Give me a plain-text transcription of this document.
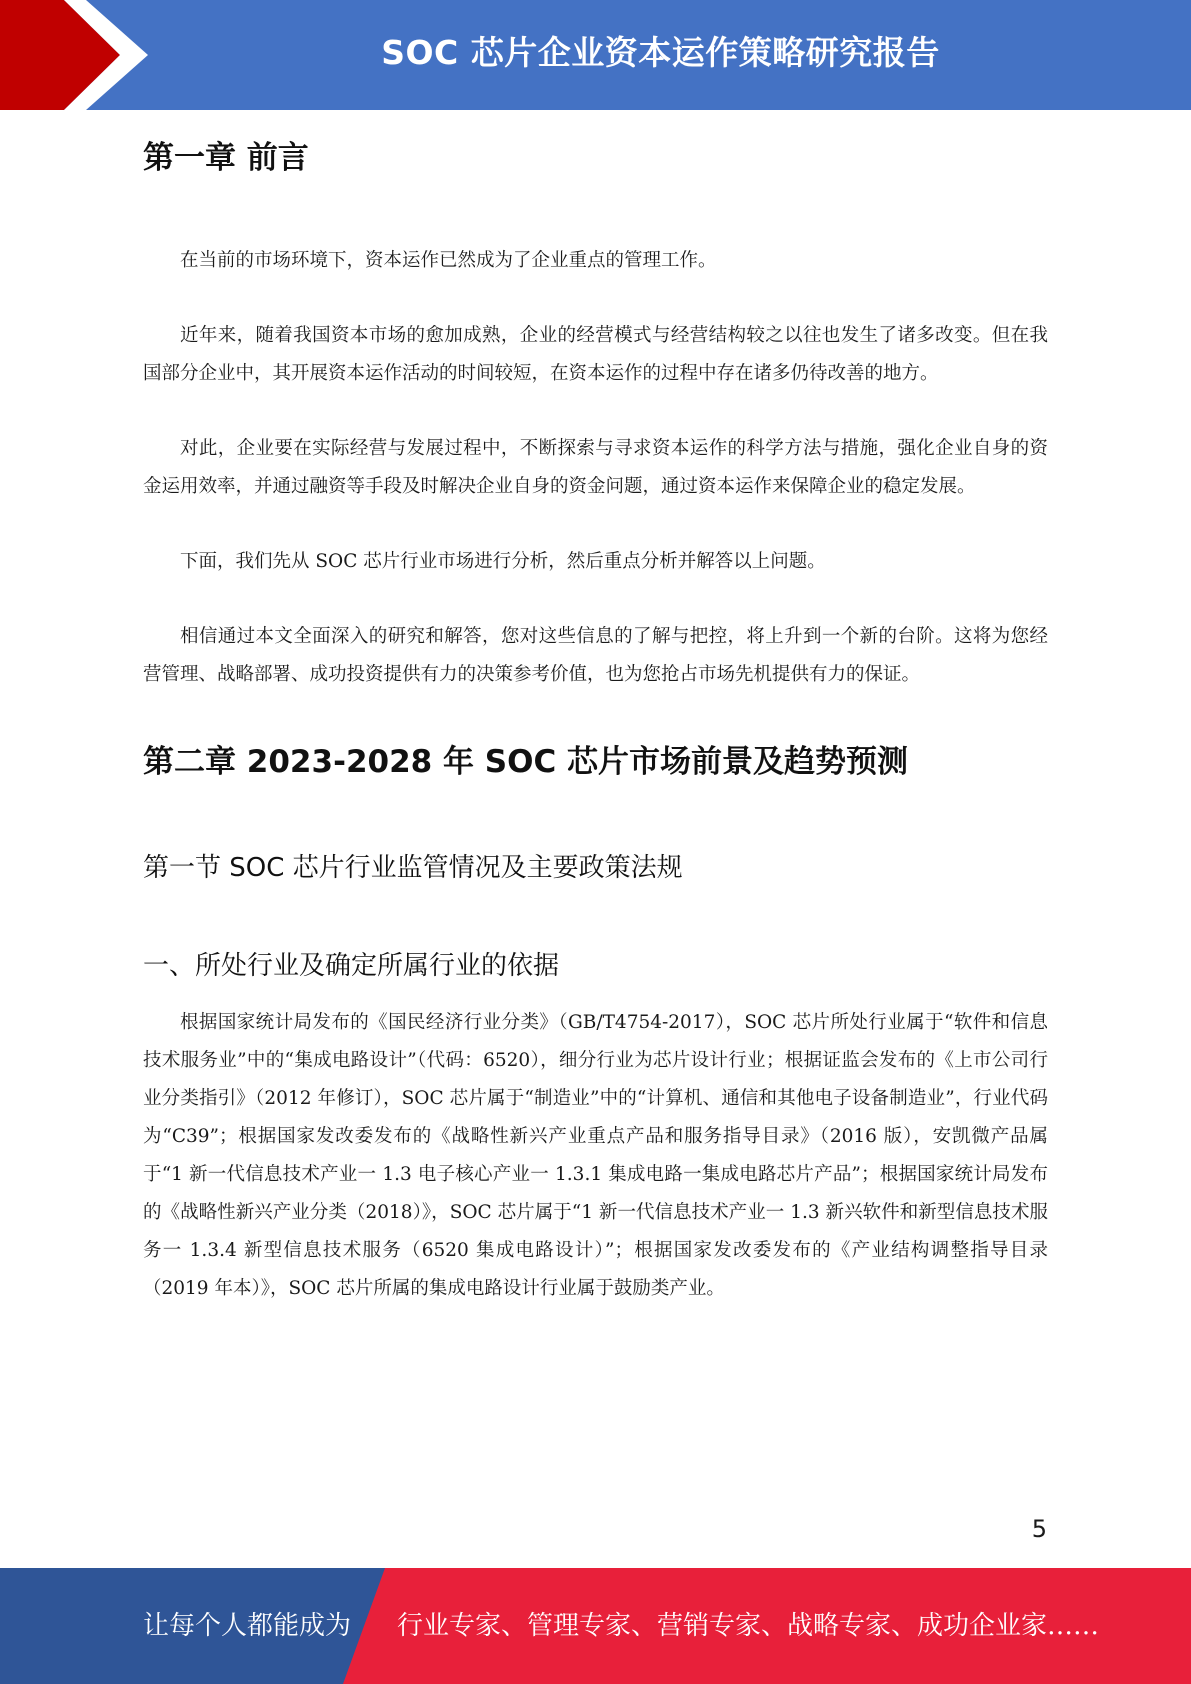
SOC 芯片企业资本运作策略研究报告
第一章 前言

在当前的市场环境下，资本运作已然成为了企业重点的管理工作。

近年来，随着我国资本市场的愈加成熟，企业的经营模式与经营结构较之以往也发生了诸多改变。但在我国部分企业中，其开展资本运作活动的时间较短，在资本运作的过程中存在诸多仍待改善的地方。

对此，企业要在实际经营与发展过程中，不断探索与寻求资本运作的科学方法与措施，强化企业自身的资金运用效率，并通过融资等手段及时解决企业自身的资金问题，通过资本运作来保障企业的稳定发展。

下面，我们先从 SOC 芯片行业市场进行分析，然后重点分析并解答以上问题。

相信通过本文全面深入的研究和解答，您对这些信息的了解与把控，将上升到一个新的台阶。这将为您经营管理、战略部署、成功投资提供有力的决策参考价值，也为您抢占市场先机提供有力的保证。

第二章 2023-2028 年 SOC 芯片市场前景及趋势预测
第一节 SOC 芯片行业监管情况及主要政策法规
一、所处行业及确定所属行业的依据

根据国家统计局发布的《国民经济行业分类》（GB/T4754-2017），SOC 芯片所处行业属于“软件和信息技术服务业”中的“集成电路设计”（代码：6520），细分行业为芯片设计行业；根据证监会发布的《上市公司行业分类指引》（2012 年修订），SOC 芯片属于“制造业”中的“计算机、通信和其他电子设备制造业”，行业代码为“C39”；根据国家发改委发布的《战略性新兴产业重点产品和服务指导目录》（2016 版），安凯微产品属于“1 新一代信息技术产业一 1.3 电子核心产业一 1.3.1 集成电路一集成电路芯片产品”；根据国家统计局发布的《战略性新兴产业分类（2018）》，SOC 芯片属于“1 新一代信息技术产业一 1.3 新兴软件和新型信息技术服务一 1.3.4 新型信息技术服务（6520 集成电路设计）”；根据国家发改委发布的《产业结构调整指导目录（2019 年本）》，SOC 芯片所属的集成电路设计行业属于鼓励类产业。

5
让每个人都能成为 行业专家、管理专家、营销专家、战略专家、成功企业家……
